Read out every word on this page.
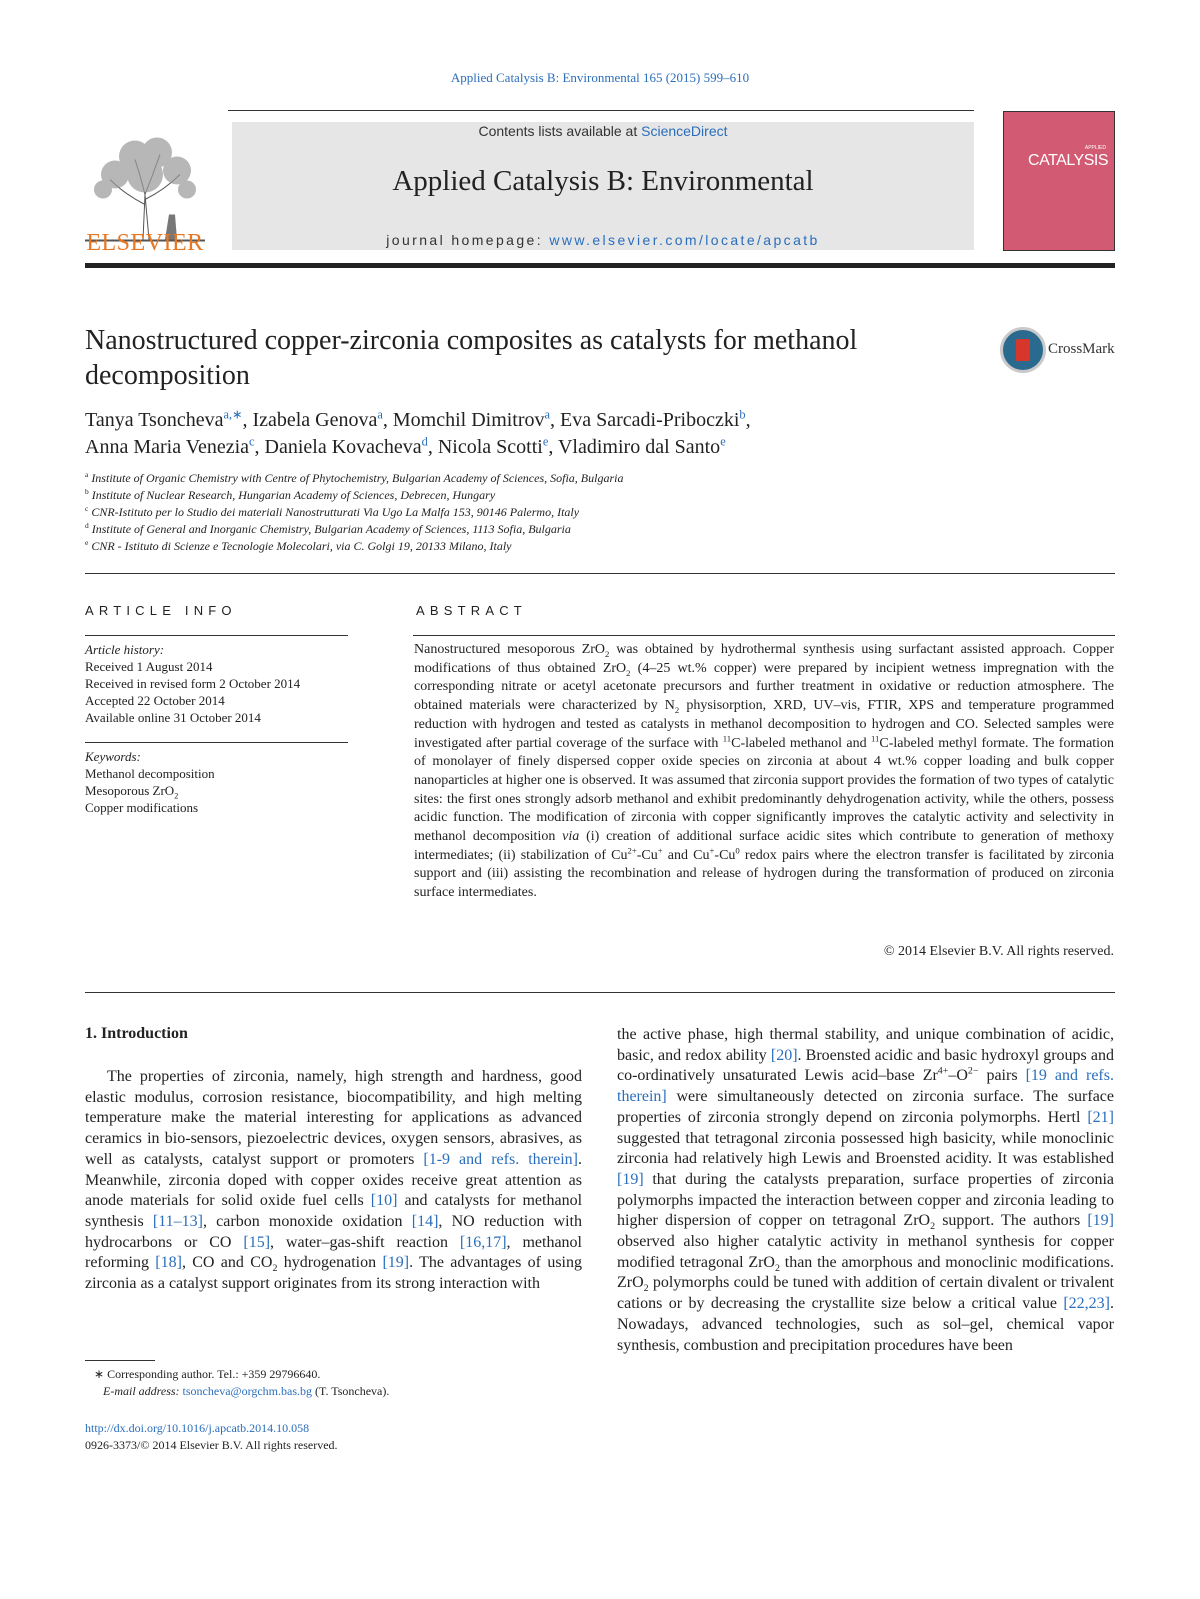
Applied Catalysis B: Environmental 165 (2015) 599–610
ELSEVIER
Contents lists available at ScienceDirect
Applied Catalysis B: Environmental
journal homepage: www.elsevier.com/locate/apcatb
APPLIED
CATALYSIS
Nanostructured copper-zirconia composites as catalysts for methanol decomposition
CrossMark
Tanya Tsoncheva$^{a,∗}$, Izabela Genova$^a$, Momchil Dimitrov$^a$, Eva Sarcadi-Priboczki$^b$,
Anna Maria Venezia$^c$, Daniela Kovacheva$^d$, Nicola Scotti$^e$, Vladimiro dal Santo$^e$
$^a$ Institute of Organic Chemistry with Centre of Phytochemistry, Bulgarian Academy of Sciences, Sofia, Bulgaria
$^b$ Institute of Nuclear Research, Hungarian Academy of Sciences, Debrecen, Hungary
$^c$ CNR-Istituto per lo Studio dei materiali Nanostrutturati Via Ugo La Malfa 153, 90146 Palermo, Italy
$^d$ Institute of General and Inorganic Chemistry, Bulgarian Academy of Sciences, 1113 Sofia, Bulgaria
$^e$ CNR - Istituto di Scienze e Tecnologie Molecolari, via C. Golgi 19, 20133 Milano, Italy
ARTICLE INFO	ABSTRACT
Article history:
Received 1 August 2014
Received in revised form 2 October 2014
Accepted 22 October 2014
Available online 31 October 2014
Keywords:
Methanol decomposition
Mesoporous ZrO$_2$
Copper modifications
Nanostructured mesoporous ZrO$_2$ was obtained by hydrothermal synthesis using surfactant assisted approach. Copper modifications of thus obtained ZrO$_2$ (4–25 wt.% copper) were prepared by incipient wetness impregnation with the corresponding nitrate or acetyl acetonate precursors and further treatment in oxidative or reduction atmosphere. The obtained materials were characterized by $N_2$ physisorption, XRD, UV–vis, FTIR, XPS and temperature programmed reduction with hydrogen and tested as catalysts in methanol decomposition to hydrogen and CO. Selected samples were investigated after partial coverage of the surface with $^{11}$C-labeled methanol and $^{11}$C-labeled methyl formate. The formation of monolayer of finely dispersed copper oxide species on zirconia at about 4 wt.% copper loading and bulk copper nanoparticles at higher one is observed. It was assumed that zirconia support provides the formation of two types of catalytic sites: the first ones strongly adsorb methanol and exhibit predominantly dehydrogenation activity, while the others, possess acidic function. The modification of zirconia with copper significantly improves the catalytic activity and selectivity in methanol decomposition via (i) creation of additional surface acidic sites which contribute to generation of methoxy intermediates; (ii) stabilization of $Cu^{2+}-Cu^+$ and Cu+-Cu$^0$ redox pairs where the electron transfer is facilitated by zirconia support and (iii) assisting the recombination and release of hydrogen during the transformation of produced on zirconia surface intermediates.
© 2014 Elsevier B.V. All rights reserved.
1. Introduction
The properties of zirconia, namely, high strength and hardness, good elastic modulus, corrosion resistance, biocompatibility, and high melting temperature make the material interesting for applications as advanced ceramics in bio-sensors, piezoelectric devices, oxygen sensors, abrasives, as well as catalysts, catalyst support or promoters [1-9 and refs. therein]. Meanwhile, zirconia doped with copper oxides receive great attention as anode materials for solid oxide fuel cells [10] and catalysts for methanol synthesis [11–13], carbon monoxide oxidation [14], NO reduction with hydrocarbons or CO [15], water–gas-shift reaction [16,17], methanol reforming [18], CO and $CO_2$ hydrogenation [19]. The advantages of using zirconia as a catalyst support originates from its strong interaction with
the active phase, high thermal stability, and unique combination of acidic, basic, and redox ability [20]. Broensted acidic and basic hydroxyl groups and co-ordinatively unsaturated Lewis acid–base $Zr^{4+}-O^{2-}$ pairs [19 and refs. therein] were simultaneously detected on zirconia surface. The surface properties of zirconia strongly depend on zirconia polymorphs. Hertl [21] suggested that tetragonal zirconia possessed high basicity, while monoclinic zirconia had relatively high Lewis and Broensted acidity. It was established [19] that during the catalysts preparation, surface properties of zirconia polymorphs impacted the interaction between copper and zirconia leading to higher dispersion of copper on tetragonal ZrO$_2$ support. The authors [19] observed also higher catalytic activity in methanol synthesis for copper modified tetragonal ZrO$_2$ than the amorphous and monoclinic modifications. ZrO$_2$ polymorphs could be tuned with addition of certain divalent or trivalent cations or by decreasing the crystallite size below a critical value [22,23]. Nowadays, advanced technologies, such as sol–gel, chemical vapor synthesis, combustion and precipitation procedures have been
∗ Corresponding author. Tel.: +359 29796640.
E-mail address: tsoncheva@orgchm.bas.bg (T. Tsoncheva).
http://dx.doi.org/10.1016/j.apcatb.2014.10.058
0926-3373/© 2014 Elsevier B.V. All rights reserved.
